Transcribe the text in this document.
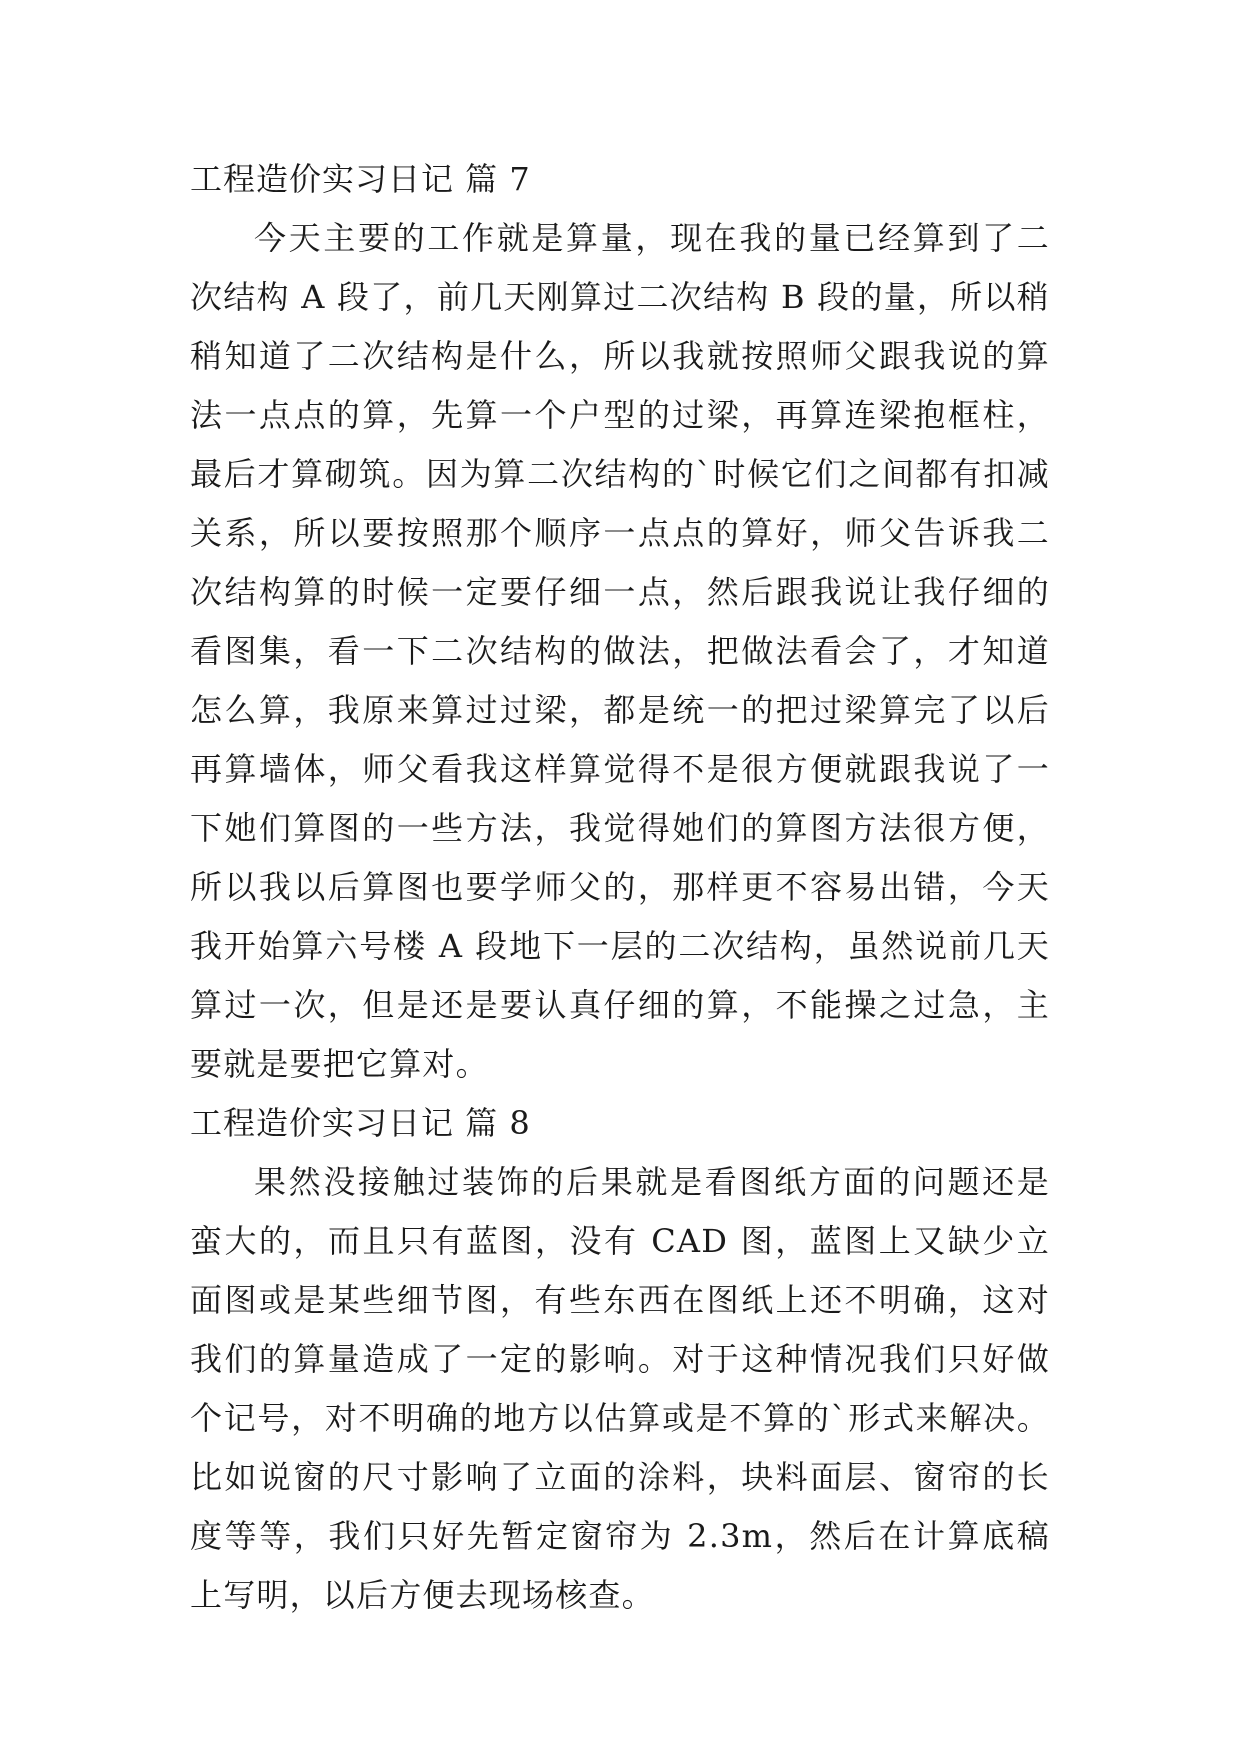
工程造价实习日记 篇 7

今天主要的工作就是算量，现在我的量已经算到了二次结构 A 段了，前几天刚算过二次结构 B 段的量，所以稍稍知道了二次结构是什么，所以我就按照师父跟我说的算法一点点的算，先算一个户型的过梁，再算连梁抱框柱，最后才算砌筑。因为算二次结构的`时候它们之间都有扣减关系，所以要按照那个顺序一点点的算好，师父告诉我二次结构算的时候一定要仔细一点，然后跟我说让我仔细的看图集，看一下二次结构的做法，把做法看会了，才知道怎么算，我原来算过过梁，都是统一的把过梁算完了以后再算墙体，师父看我这样算觉得不是很方便就跟我说了一下她们算图的一些方法，我觉得她们的算图方法很方便，所以我以后算图也要学师父的，那样更不容易出错，今天我开始算六号楼 A 段地下一层的二次结构，虽然说前几天算过一次，但是还是要认真仔细的算，不能操之过急，主要就是要把它算对。

工程造价实习日记 篇 8

果然没接触过装饰的后果就是看图纸方面的问题还是蛮大的，而且只有蓝图，没有 CAD 图，蓝图上又缺少立面图或是某些细节图，有些东西在图纸上还不明确，这对我们的算量造成了一定的影响。对于这种情况我们只好做个记号，对不明确的地方以估算或是不算的`形式来解决。比如说窗的尺寸影响了立面的涂料，块料面层、窗帘的长度等等，我们只好先暂定窗帘为 2.3m，然后在计算底稿上写明，以后方便去现场核查。
